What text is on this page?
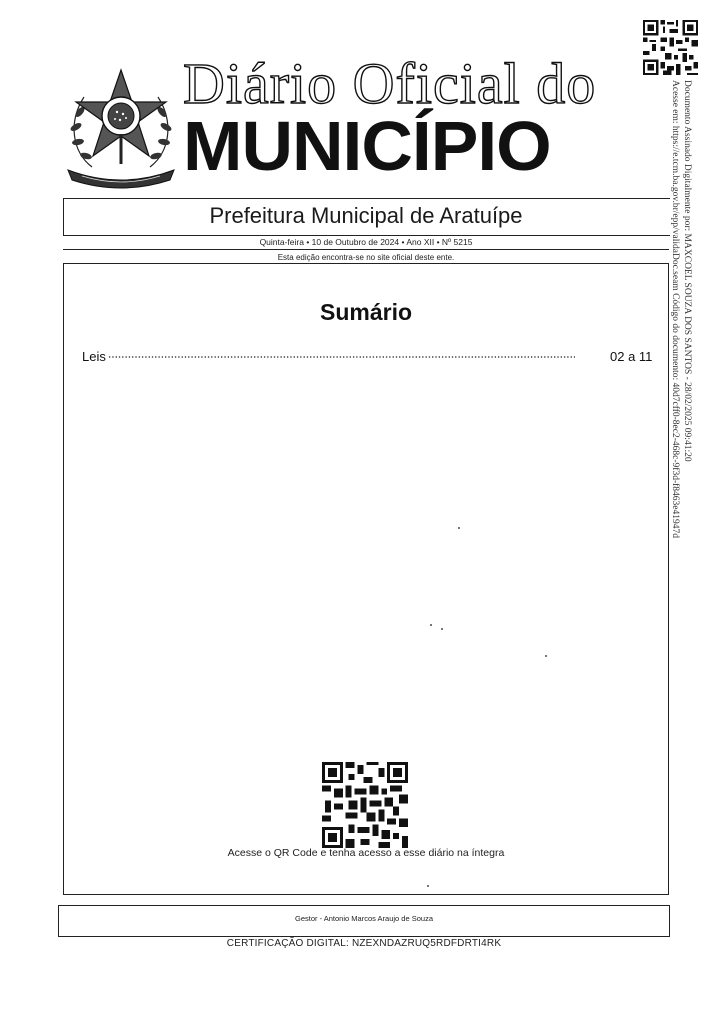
Diário Oficial do
MUNICÍPIO	Documento Assinado Digitalmente por: MAXCOEL SOUZA DOS SANTOS - 28/02/2025 09:41:20
Acesse em: https://e.tcm.ba.gov.br/epp/validaDoc.seam Código do documento: 40d7cff0-8ec2-468c-9f3d-f8463e41947d
Prefeitura Municipal de Aratuípe
Quinta-feira • 10 de Outubro de 2024 • Ano XII • Nº 5215
Esta edição encontra-se no site oficial deste ente.
Sumário
Leis	02 a 11
Acesse o QR Code e tenha acesso a esse diário na íntegra
Gestor - Antonio Marcos Araujo de Souza
CERTIFICAÇÃO DIGITAL: NZEXNDAZRUQ5RDFDRTI4RK
